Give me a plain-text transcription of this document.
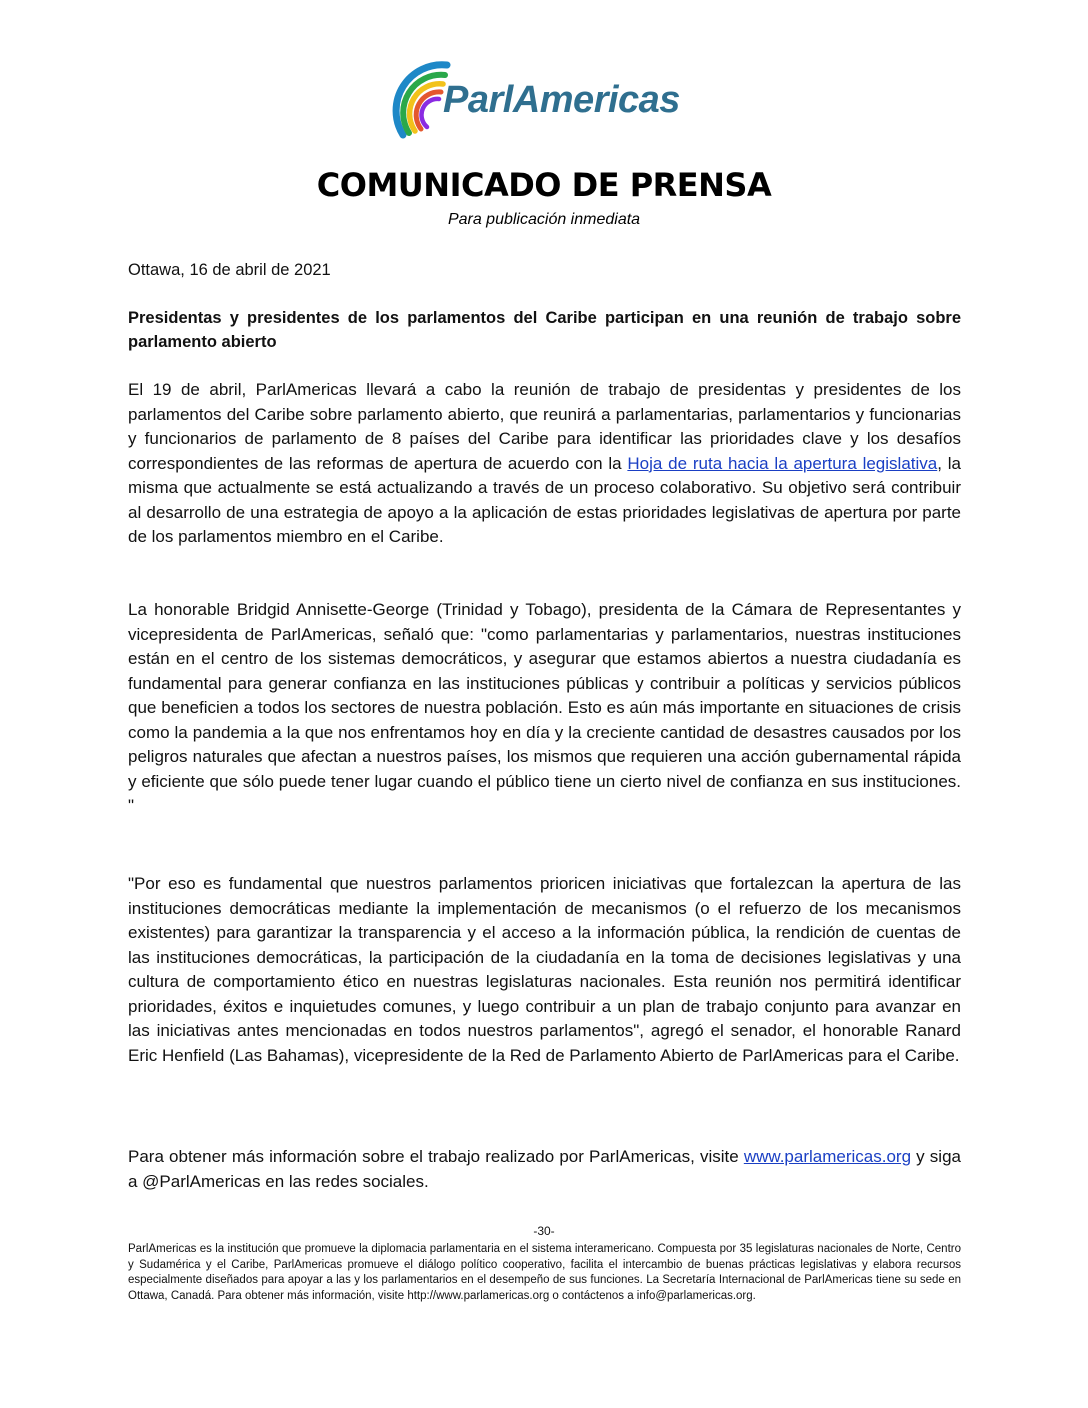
ParlAmericas
COMUNICADO DE PRENSA
Para publicación inmediata
Ottawa, 16 de abril de 2021
Presidentas y presidentes de los parlamentos del Caribe participan en una reunión de trabajo sobre parlamento abierto
El 19 de abril, ParlAmericas llevará a cabo la reunión de trabajo de presidentas y presidentes de los parlamentos del Caribe sobre parlamento abierto, que reunirá a parlamentarias, parlamentarios y funcionarias y funcionarios de parlamento de 8 países del Caribe para identificar las prioridades clave y los desafíos correspondientes de las reformas de apertura de acuerdo con la Hoja de ruta hacia la apertura legislativa, la misma que actualmente se está actualizando a través de un proceso colaborativo. Su objetivo será contribuir al desarrollo de una estrategia de apoyo a la aplicación de estas prioridades legislativas de apertura por parte de los parlamentos miembro en el Caribe.
La honorable Bridgid Annisette-George (Trinidad y Tobago), presidenta de la Cámara de Representantes y vicepresidenta de ParlAmericas, señaló que: "como parlamentarias y parlamentarios, nuestras instituciones están en el centro de los sistemas democráticos, y asegurar que estamos abiertos a nuestra ciudadanía es fundamental para generar confianza en las instituciones públicas y contribuir a políticas y servicios públicos que beneficien a todos los sectores de nuestra población. Esto es aún más importante en situaciones de crisis como la pandemia a la que nos enfrentamos hoy en día y la creciente cantidad de desastres causados por los peligros naturales que afectan a nuestros países, los mismos que requieren una acción gubernamental rápida y eficiente que sólo puede tener lugar cuando el público tiene un cierto nivel de confianza en sus instituciones. "
"Por eso es fundamental que nuestros parlamentos prioricen iniciativas que fortalezcan la apertura de las instituciones democráticas mediante la implementación de mecanismos (o el refuerzo de los mecanismos existentes) para garantizar la transparencia y el acceso a la información pública, la rendición de cuentas de las instituciones democráticas, la participación de la ciudadanía en la toma de decisiones legislativas y una cultura de comportamiento ético en nuestras legislaturas nacionales. Esta reunión nos permitirá identificar prioridades, éxitos e inquietudes comunes, y luego contribuir a un plan de trabajo conjunto para avanzar en las iniciativas antes mencionadas en todos nuestros parlamentos", agregó el senador, el honorable Ranard Eric Henfield (Las Bahamas), vicepresidente de la Red de Parlamento Abierto de ParlAmericas para el Caribe.
Para obtener más información sobre el trabajo realizado por ParlAmericas, visite www.parlamericas.org y siga a @ParlAmericas en las redes sociales.
-30-
ParlAmericas es la institución que promueve la diplomacia parlamentaria en el sistema interamericano. Compuesta por 35 legislaturas nacionales de Norte, Centro y Sudamérica y el Caribe, ParlAmericas promueve el diálogo político cooperativo, facilita el intercambio de buenas prácticas legislativas y elabora recursos especialmente diseñados para apoyar a las y los parlamentarios en el desempeño de sus funciones. La Secretaría Internacional de ParlAmericas tiene su sede en Ottawa, Canadá. Para obtener más información, visite http://www.parlamericas.org o contáctenos a info@parlamericas.org.
